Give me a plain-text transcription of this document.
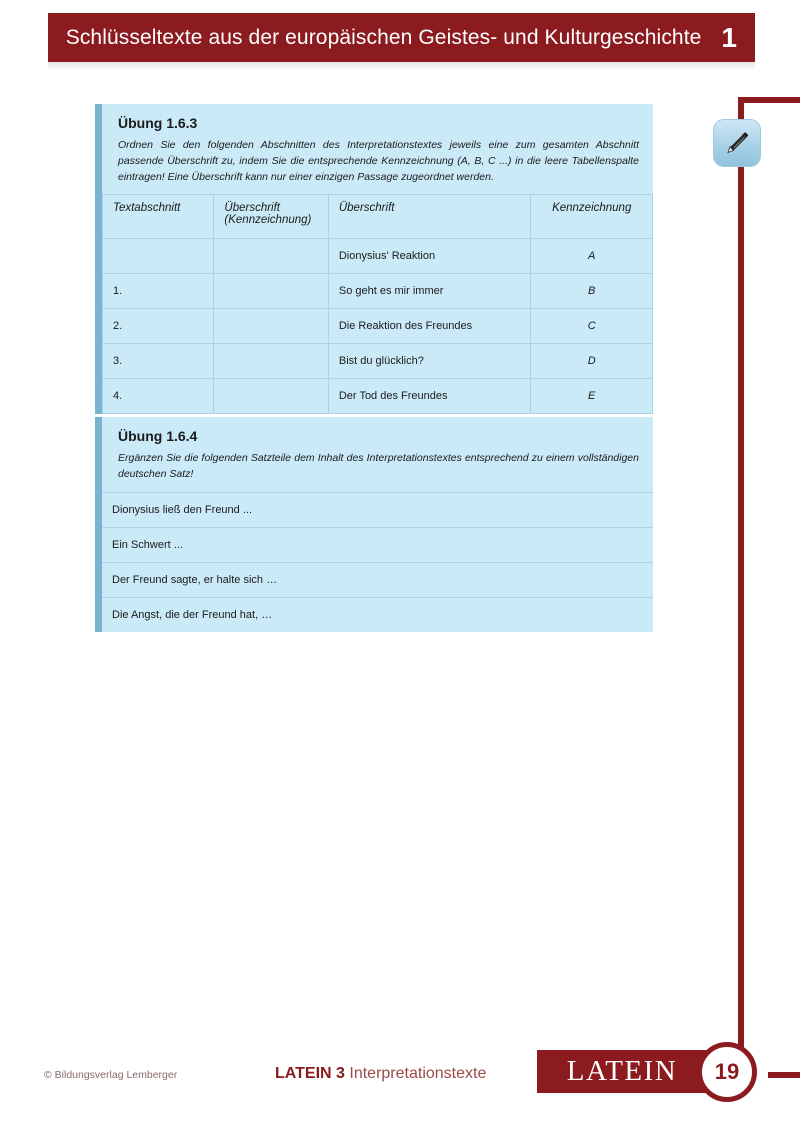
Schlüsseltexte aus der europäischen Geistes- und Kulturgeschichte 1
Übung 1.6.3
Ordnen Sie den folgenden Abschnitten des Interpretationstextes jeweils eine zum gesamten Abschnitt passende Überschrift zu, indem Sie die entsprechende Kennzeichnung (A, B, C ...) in die leere Tabellenspalte eintragen! Eine Überschrift kann nur einer einzigen Passage zugeordnet werden.
Textabschnitt	Überschrift (Kennzeichnung)	Überschrift	Kennzeichnung
		Dionysius' Reaktion	A
1.		So geht es mir immer	B
2.		Die Reaktion des Freundes	C
3.		Bist du glücklich?	D
4.		Der Tod des Freundes	E
Übung 1.6.4
Ergänzen Sie die folgenden Satzteile dem Inhalt des Interpretationstextes entsprechend zu einem vollständigen deutschen Satz!
Dionysius ließ den Freund ...
Ein Schwert ...
Der Freund sagte, er halte sich …
Die Angst, die der Freund hat, …
© Bildungsverlag Lemberger	LATEIN 3 Interpretationstexte	LATEIN 19
